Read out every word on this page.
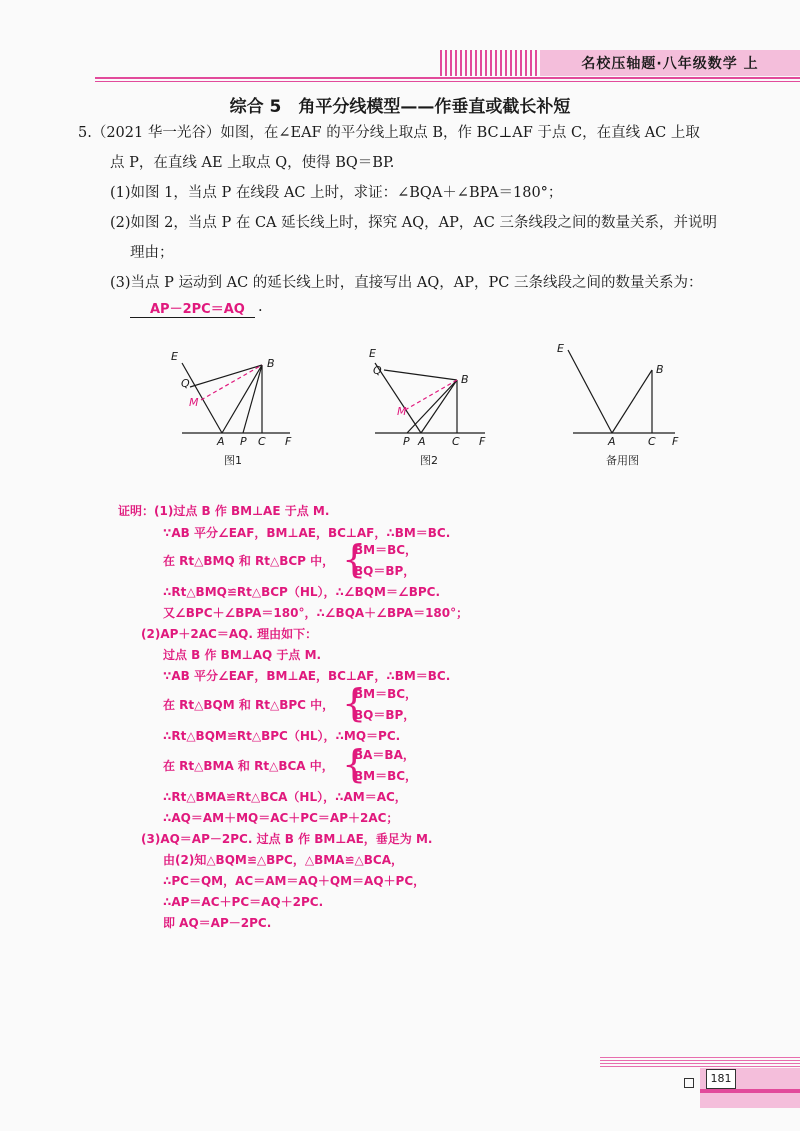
名校压轴题·八年级数学 上
综合 5　角平分线模型——作垂直或截长补短
5.（2021 华一光谷）如图，在∠EAF 的平分线上取点 B，作 BC⊥AF 于点 C，在直线 AC 上取
点 P，在直线 AE 上取点 Q，使得 BQ＝BP.
(1)如图 1，当点 P 在线段 AC 上时，求证：∠BQA＋∠BPA＝180°；
(2)如图 2，当点 P 在 CA 延长线上时，探究 AQ，AP，AC 三条线段之间的数量关系，并说明
理由；
(3)当点 P 运动到 AC 的延长线上时，直接写出 AQ，AP，PC 三条线段之间的数量关系为：
AP－2PC＝AQ .
E
Q
M
B
A P C F
图1
E
Q
M
B
P A C F
图2
E
B
A	C F
备用图
证明：(1)过点 B 作 BM⊥AE 于点 M.
∵AB 平分∠EAF，BM⊥AE，BC⊥AF，∴BM＝BC.
在 Rt△BMQ 和 Rt△BCP 中， {
BM＝BC，
BQ＝BP，
∴Rt△BMQ≌Rt△BCP（HL），∴∠BQM＝∠BPC.
又∠BPC＋∠BPA＝180°，∴∠BQA＋∠BPA＝180°；
(2)AP＋2AC＝AQ. 理由如下：
过点 B 作 BM⊥AQ 于点 M.
∵AB 平分∠EAF，BM⊥AE，BC⊥AF，∴BM＝BC.
在 Rt△BQM 和 Rt△BPC 中， {
BM＝BC，
BQ＝BP，
∴Rt△BQM≌Rt△BPC（HL），∴MQ＝PC.
在 Rt△BMA 和 Rt△BCA 中， {
BA＝BA，
BM＝BC，
∴Rt△BMA≌Rt△BCA（HL），∴AM＝AC，
∴AQ＝AM＋MQ＝AC＋PC＝AP＋2AC；
(3)AQ＝AP－2PC. 过点 B 作 BM⊥AE，垂足为 M.
由(2)知△BQM≌△BPC，△BMA≌△BCA，
∴PC＝QM，AC＝AM＝AQ＋QM＝AQ＋PC，
∴AP＝AC＋PC＝AQ＋2PC.
即 AQ＝AP－2PC.
181
